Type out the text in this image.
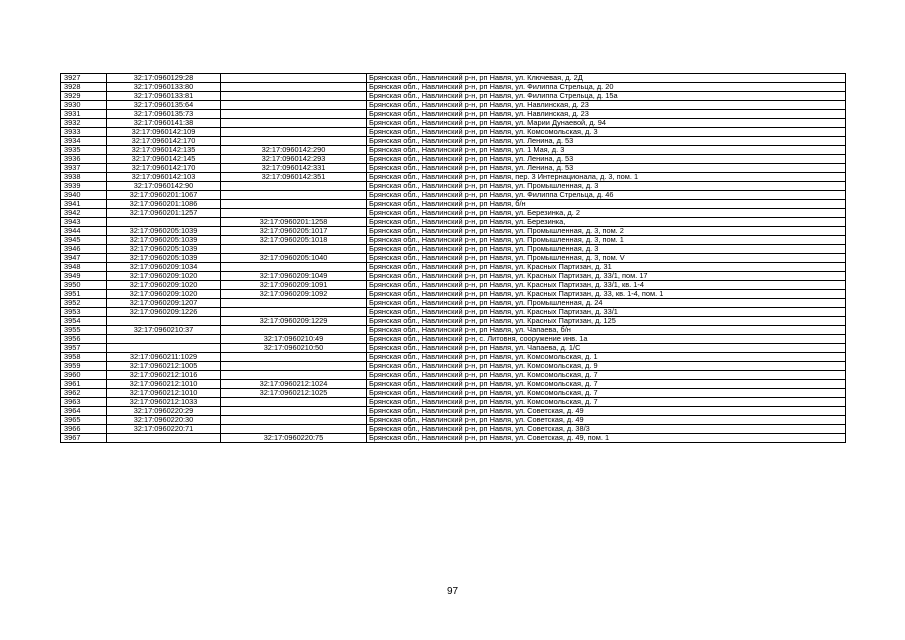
3927	32:17:0960129:28		Брянская обл., Навлинский р-н, рп Навля, ул. Ключевая, д. 2Д
3928	32:17:0960133:80		Брянская обл., Навлинский р-н, рп Навля, ул. Филиппа Стрельца, д. 20
3929	32:17:0960133:81		Брянская обл., Навлинский р-н, рп Навля, ул. Филиппа Стрельца, д. 15а
3930	32:17:0960135:64		Брянская обл., Навлинский р-н, рп Навля, ул. Навлинская, д. 23
3931	32:17:0960135:73		Брянская обл., Навлинский р-н, рп Навля, ул. Навлинская, д. 23
3932	32:17:0960141:38		Брянская обл., Навлинский р-н, рп Навля, ул. Марии Дунаевой, д. 94
3933	32:17:0960142:109		Брянская обл., Навлинский р-н, рп Навля, ул. Комсомольская, д. 3
3934	32:17:0960142:170		Брянская обл., Навлинский р-н, рп Навля, ул. Ленина, д. 53
3935	32:17:0960142:135	32:17:0960142:290	Брянская обл., Навлинский р-н, рп Навля, ул. 1 Мая, д. 3
3936	32:17:0960142:145	32:17:0960142:293	Брянская обл., Навлинский р-н, рп Навля, ул. Ленина, д. 53
3937	32:17:0960142:170	32:17:0960142:331	Брянская обл., Навлинский р-н, рп Навля, ул. Ленина, д. 53
3938	32:17:0960142:103	32:17:0960142:351	Брянская обл., Навлинский р-н, рп Навля, пер. 3 Интернационала, д. 3, пом. 1
3939	32:17:0960142:90		Брянская обл., Навлинский р-н, рп Навля, ул. Промышленная, д. 3
3940	32:17:0960201:1067		Брянская обл., Навлинский р-н, рп Навля, ул. Филиппа Стрельца, д. 46
3941	32:17:0960201:1086		Брянская обл., Навлинский р-н, рп Навля, б/н
3942	32:17:0960201:1257		Брянская обл., Навлинский р-н, рп Навля, ул. Березинка, д. 2
3943		32:17:0960201:1258	Брянская обл., Навлинский р-н, рп Навля, ул. Березинка,
3944	32:17:0960205:1039	32:17:0960205:1017	Брянская обл., Навлинский р-н, рп Навля, ул. Промышленная, д. 3, пом. 2
3945	32:17:0960205:1039	32:17:0960205:1018	Брянская обл., Навлинский р-н, рп Навля, ул. Промышленная, д. 3, пом. 1
3946	32:17:0960205:1039		Брянская обл., Навлинский р-н, рп Навля, ул. Промышленная, д. 3
3947	32:17:0960205:1039	32:17:0960205:1040	Брянская обл., Навлинский р-н, рп Навля, ул. Промышленная, д. 3, пом. V
3948	32:17:0960209:1034		Брянская обл., Навлинский р-н, рп Навля, ул. Красных Партизан, д. 31
3949	32:17:0960209:1020	32:17:0960209:1049	Брянская обл., Навлинский р-н, рп Навля, ул. Красных Партизан, д. 33/1, пом. 17
3950	32:17:0960209:1020	32:17:0960209:1091	Брянская обл., Навлинский р-н, рп Навля, ул. Красных Партизан, д. 33/1, кв. 1-4
3951	32:17:0960209:1020	32:17:0960209:1092	Брянская обл., Навлинский р-н, рп Навля, ул. Красных Партизан, д. 33, кв. 1-4, пом. 1
3952	32:17:0960209:1207		Брянская обл., Навлинский р-н, рп Навля, ул. Промышленная, д. 24
3953	32:17:0960209:1226		Брянская обл., Навлинский р-н, рп Навля, ул. Красных Партизан, д. 33/1
3954		32:17:0960209:1229	Брянская обл., Навлинский р-н, рп Навля, ул. Красных Партизан, д. 125
3955	32:17:0960210:37		Брянская обл., Навлинский р-н, рп Навля, ул. Чапаева, б/н
3956		32:17:0960210:49	Брянская обл., Навлинский р-н, с. Литовня, сооружение инв. 1а
3957		32:17:0960210:50	Брянская обл., Навлинский р-н, рп Навля, ул. Чапаева, д. 1/С
3958	32:17:0960211:1029		Брянская обл., Навлинский р-н, рп Навля, ул. Комсомольская, д. 1
3959	32:17:0960212:1005		Брянская обл., Навлинский р-н, рп Навля, ул. Комсомольская, д. 9
3960	32:17:0960212:1016		Брянская обл., Навлинский р-н, рп Навля, ул. Комсомольская, д. 7
3961	32:17:0960212:1010	32:17:0960212:1024	Брянская обл., Навлинский р-н, рп Навля, ул. Комсомольская, д. 7
3962	32:17:0960212:1010	32:17:0960212:1025	Брянская обл., Навлинский р-н, рп Навля, ул. Комсомольская, д. 7
3963	32:17:0960212:1033		Брянская обл., Навлинский р-н, рп Навля, ул. Комсомольская, д. 7
3964	32:17:0960220:29		Брянская обл., Навлинский р-н, рп Навля, ул. Советская, д. 49
3965	32:17:0960220:30		Брянская обл., Навлинский р-н, рп Навля, ул. Советская, д. 49
3966	32:17:0960220:71		Брянская обл., Навлинский р-н, рп Навля, ул. Советская, д. 38/3
3967		32:17:0960220:75	Брянская обл., Навлинский р-н, рп Навля, ул. Советская, д. 49, пом. 1
97
